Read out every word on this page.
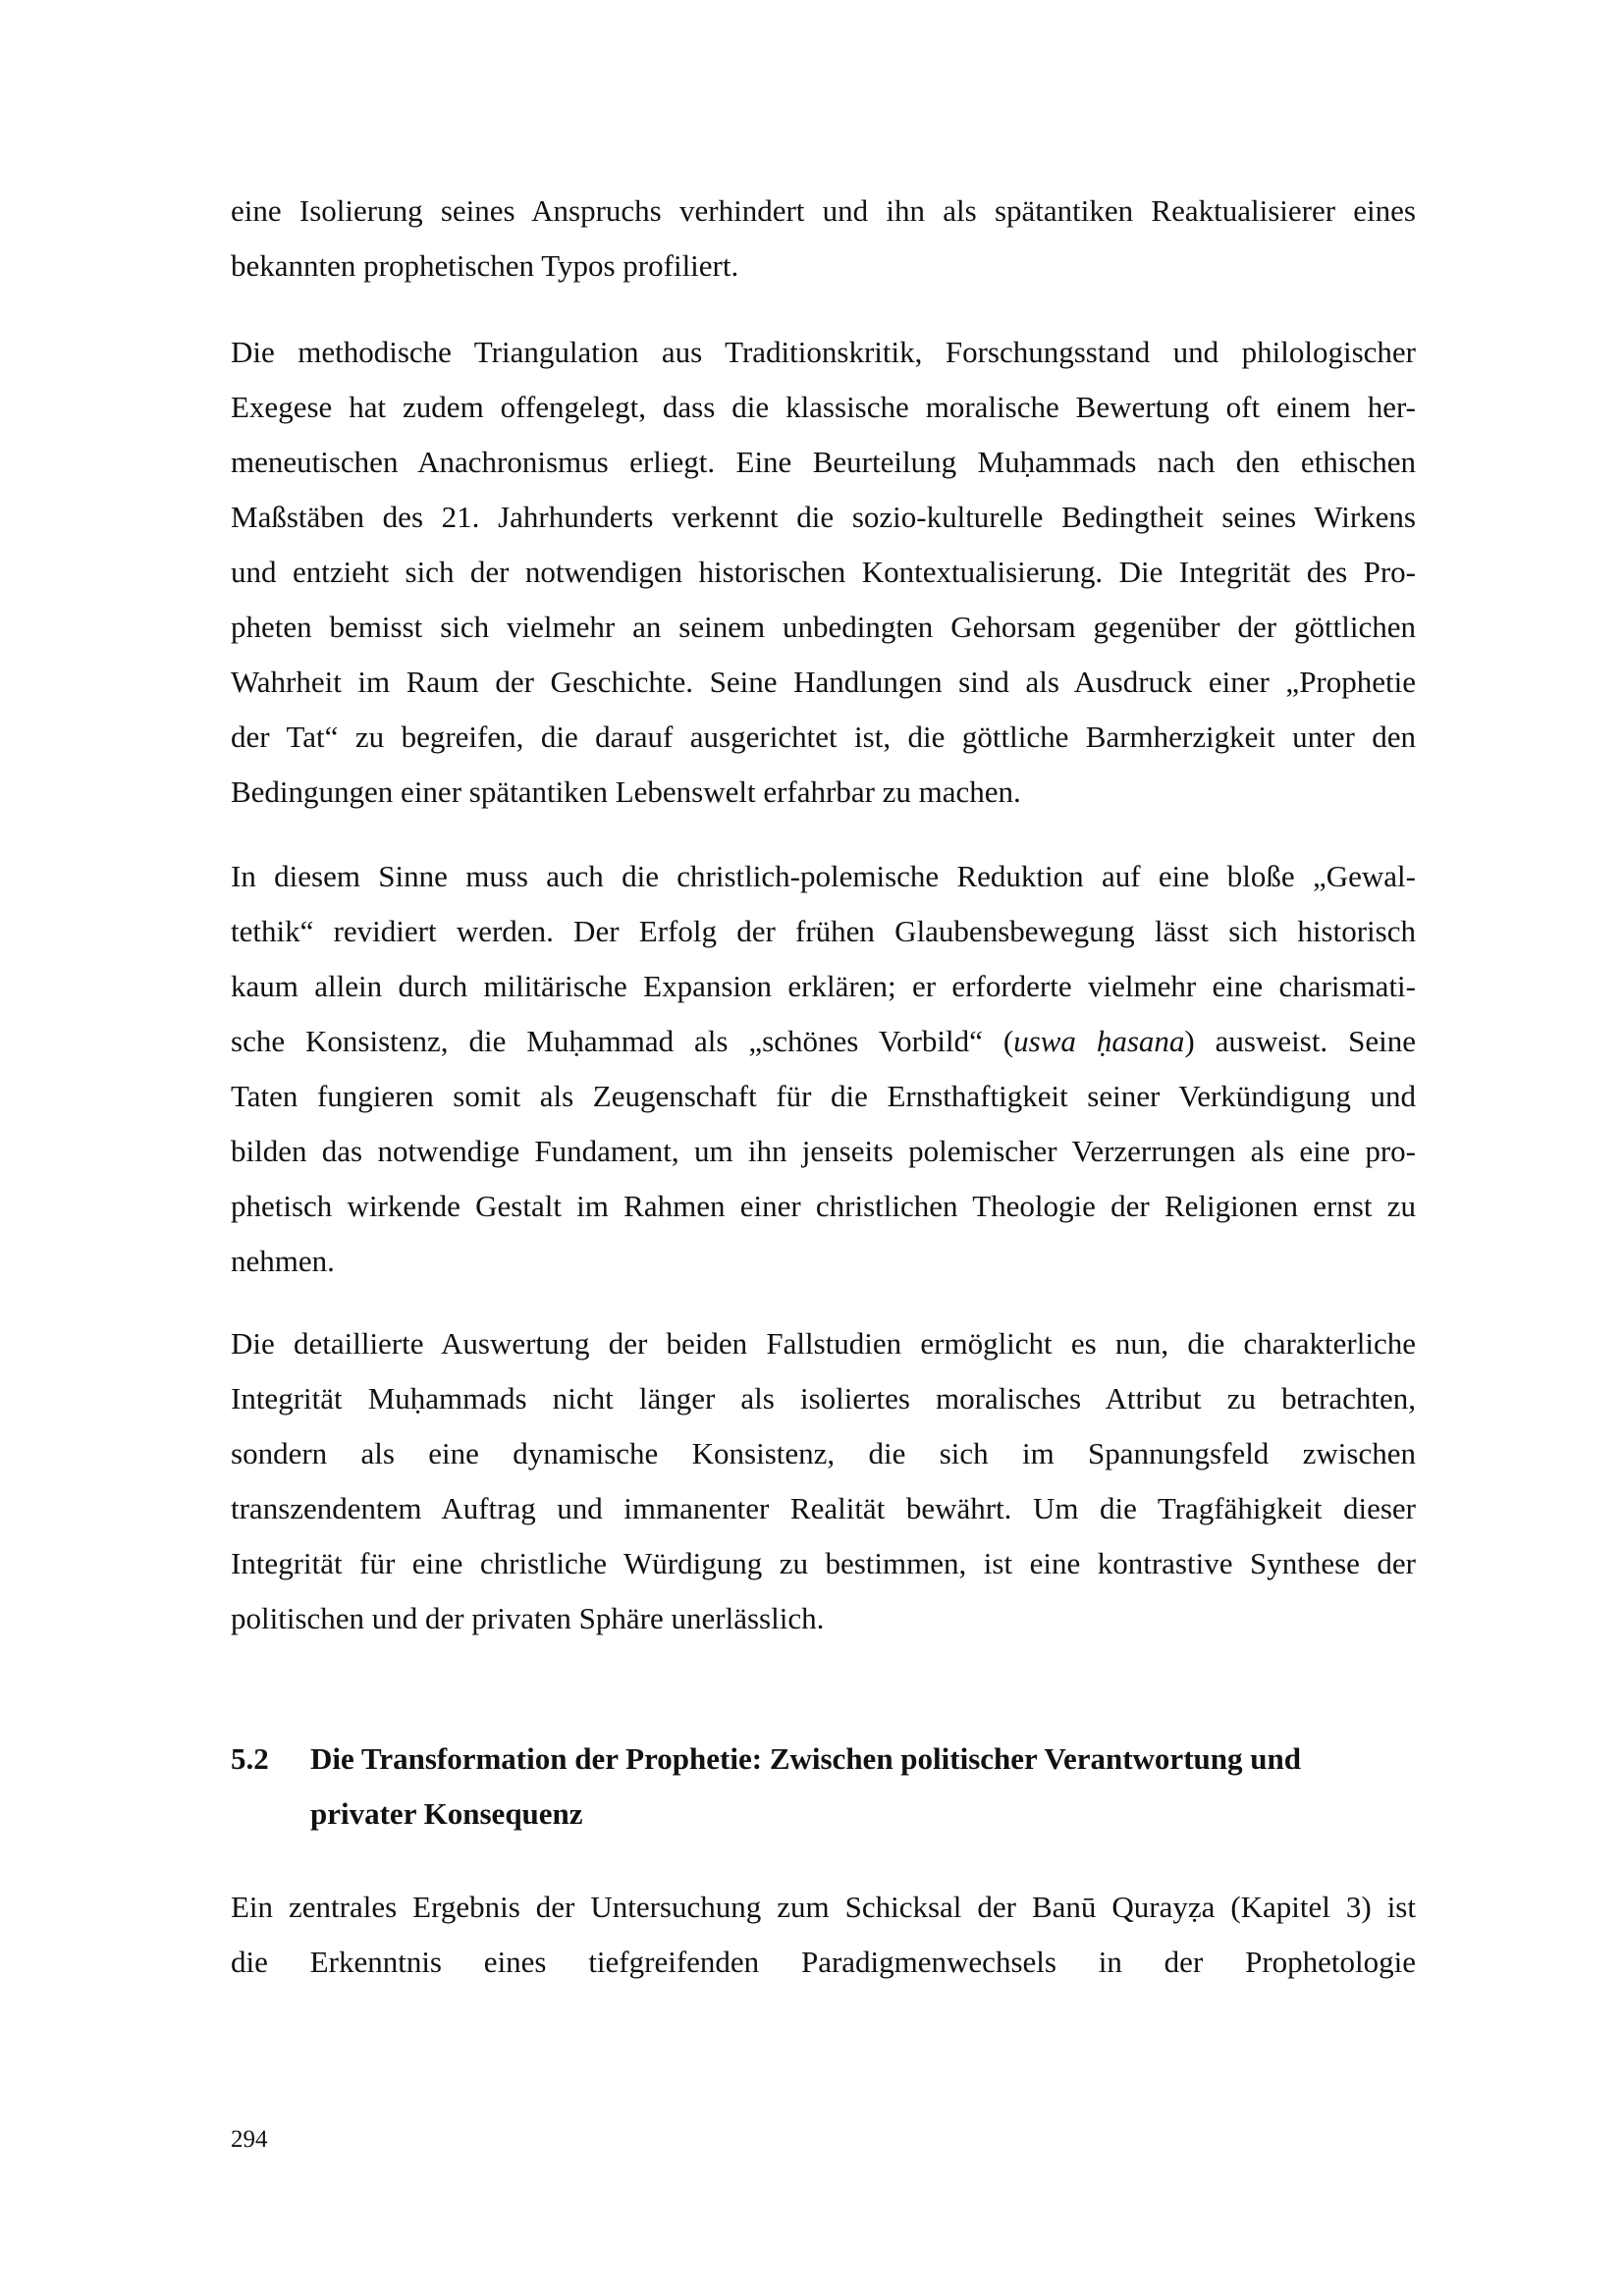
eine Isolierung seines Anspruchs verhindert und ihn als spätantiken Reaktualisierer eines
bekannten prophetischen Typos profiliert.
Die methodische Triangulation aus Traditionskritik, Forschungsstand und philologischer
Exegese hat zudem offengelegt, dass die klassische moralische Bewertung oft einem her-
meneutischen Anachronismus erliegt. Eine Beurteilung Muḥammads nach den ethischen
Maßstäben des 21. Jahrhunderts verkennt die sozio-kulturelle Bedingtheit seines Wirkens
und entzieht sich der notwendigen historischen Kontextualisierung. Die Integrität des Pro-
pheten bemisst sich vielmehr an seinem unbedingten Gehorsam gegenüber der göttlichen
Wahrheit im Raum der Geschichte. Seine Handlungen sind als Ausdruck einer „Prophetie
der Tat“ zu begreifen, die darauf ausgerichtet ist, die göttliche Barmherzigkeit unter den
Bedingungen einer spätantiken Lebenswelt erfahrbar zu machen.
In diesem Sinne muss auch die christlich-polemische Reduktion auf eine bloße „Gewal-
tethik“ revidiert werden. Der Erfolg der frühen Glaubensbewegung lässt sich historisch
kaum allein durch militärische Expansion erklären; er erforderte vielmehr eine charismati-
sche Konsistenz, die Muḥammad als „schönes Vorbild“ (uswa ḥasana) ausweist. Seine
Taten fungieren somit als Zeugenschaft für die Ernsthaftigkeit seiner Verkündigung und
bilden das notwendige Fundament, um ihn jenseits polemischer Verzerrungen als eine pro-
phetisch wirkende Gestalt im Rahmen einer christlichen Theologie der Religionen ernst zu
nehmen.
Die detaillierte Auswertung der beiden Fallstudien ermöglicht es nun, die charakterliche
Integrität Muḥammads nicht länger als isoliertes moralisches Attribut zu betrachten,
sondern als eine dynamische Konsistenz, die sich im Spannungsfeld zwischen
transzendentem Auftrag und immanenter Realität bewährt. Um die Tragfähigkeit dieser
Integrität für eine christliche Würdigung zu bestimmen, ist eine kontrastive Synthese der
politischen und der privaten Sphäre unerlässlich.
5.2 Die Transformation der Prophetie: Zwischen politischer Verantwortung und
privater Konsequenz
Ein zentrales Ergebnis der Untersuchung zum Schicksal der Banū Qurayẓa (Kapitel 3) ist
die Erkenntnis eines tiefgreifenden Paradigmenwechsels in der Prophetologie
294
